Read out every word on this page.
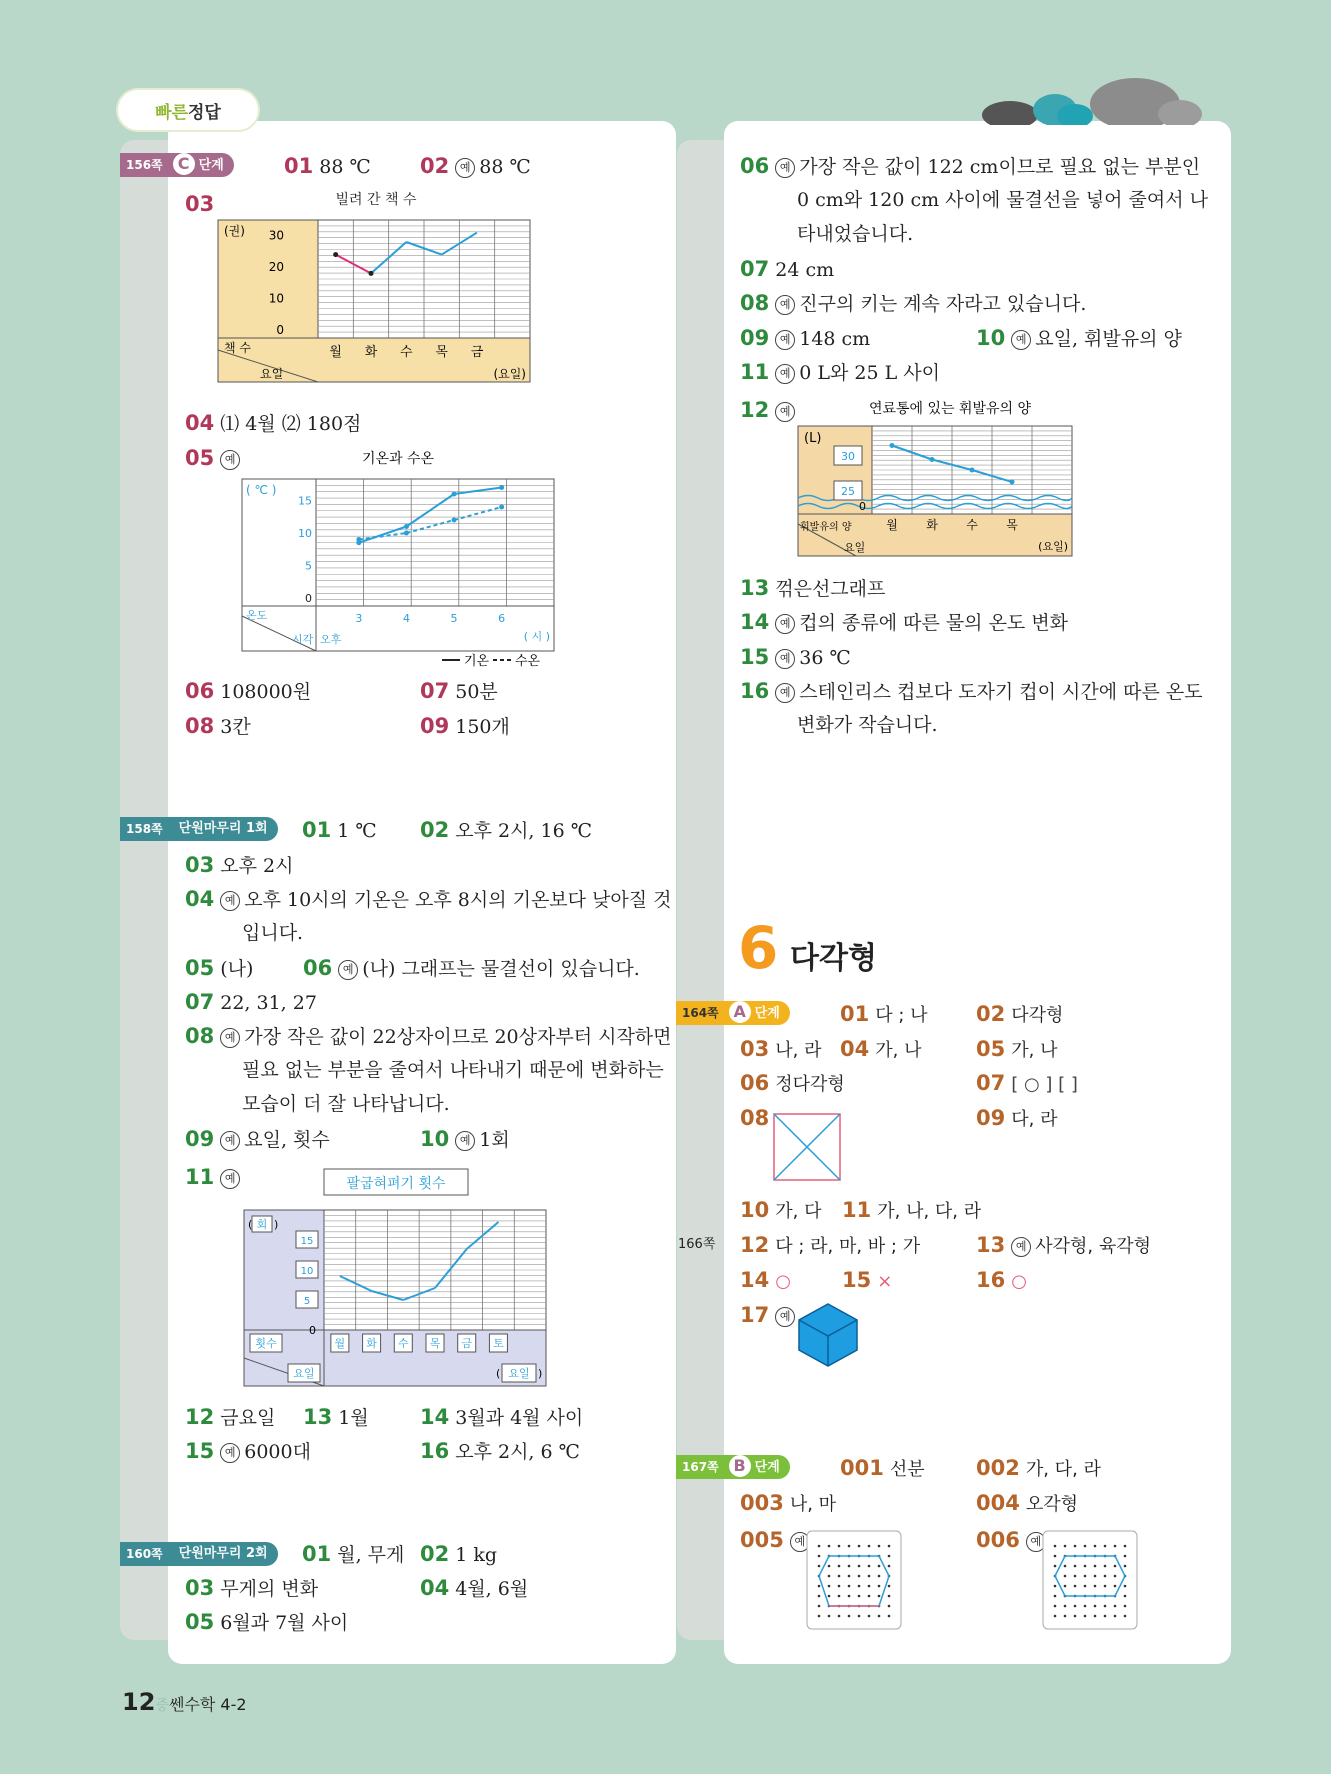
빠른 정답
156쪽 C 단계	01 88 ℃ 02 예 88 ℃
03	빌려 간 책 수
(권)
책 수
요일	(요일)
30
20
10
0
월 화 수 목 금
04 ⑴ 4월 ⑵ 180점
05 예	기온과 수온
( ℃ )
온도
시각 오후	( 시 )
15
10
5
0
3	4	5	6
기온 수온
06 108000원	07 50분
08 3칸	09 150개
158쪽	단원마무리 1회	01 1 ℃ 02 오후 2시, 16 ℃
03 오후 2시
04 예 오후 10시의 기온은 오후 8시의 기온보다 낮아질 것
입니다.
05 (나) 06 예 (나) 그래프는 물결선이 있습니다.
07 22, 31, 27
08 예 가장 작은 값이 22상자이므로 20상자부터 시작하면
필요 없는 부분을 줄여서 나타내기 때문에 변화하는
모습이 더 잘 나타납니다.
09 예 요일, 횟수	10 예 1회
11 예	팔굽혀펴기 횟수
회
( )
횟수
요일	요일
(	)
15
10
5
0
월 화 수 목 금 토
12 금요일 13 1월 14 3월과 4월 사이
15 예 6000대	16 오후 2시, 6 ℃
160쪽	단원마무리 2회	01 월, 무게 02 1 kg
03 무게의 변화	04 4월, 6월
05 6월과 7월 사이
06 예 가장 작은 값이 122 cm이므로 필요 없는 부분인
0 cm와 120 cm 사이에 물결선을 넣어 줄여서 나
타내었습니다.
07 24 cm
08 예 진구의 키는 계속 자라고 있습니다.
09 예 148 cm	10 예 요일, 휘발유의 양
11 예 0 L와 25 L 사이
12 예	연료통에 있는 휘발유의 양
(L)
휘발유의 양
요일	(요일)
30
25
0
월 화 수 목
13 꺾은선그래프
14 예 컵의 종류에 따른 물의 온도 변화
15 예 36 ℃
16 예 스테인리스 컵보다 도자기 컵이 시간에 따른 온도
변화가 작습니다.
6 다각형
164쪽 A 단계	01 다 ; 나 02 다각형
03 나, 라 04 가, 나	05 가, 나
06 정다각형	07 [ ○ ] [ ]
08	09 다, 라
10 가, 다 11 가, 나, 다, 라
166쪽 12 다 ; 라, 마, 바 ; 가	13 예 사각형, 육각형
14 ○ 15 ×	16 ○
17 예
167쪽 B 단계	001 선분 002 가, 다, 라
003 나, 마	004 오각형
005 예	006 예
12중쎈수학 4-2
